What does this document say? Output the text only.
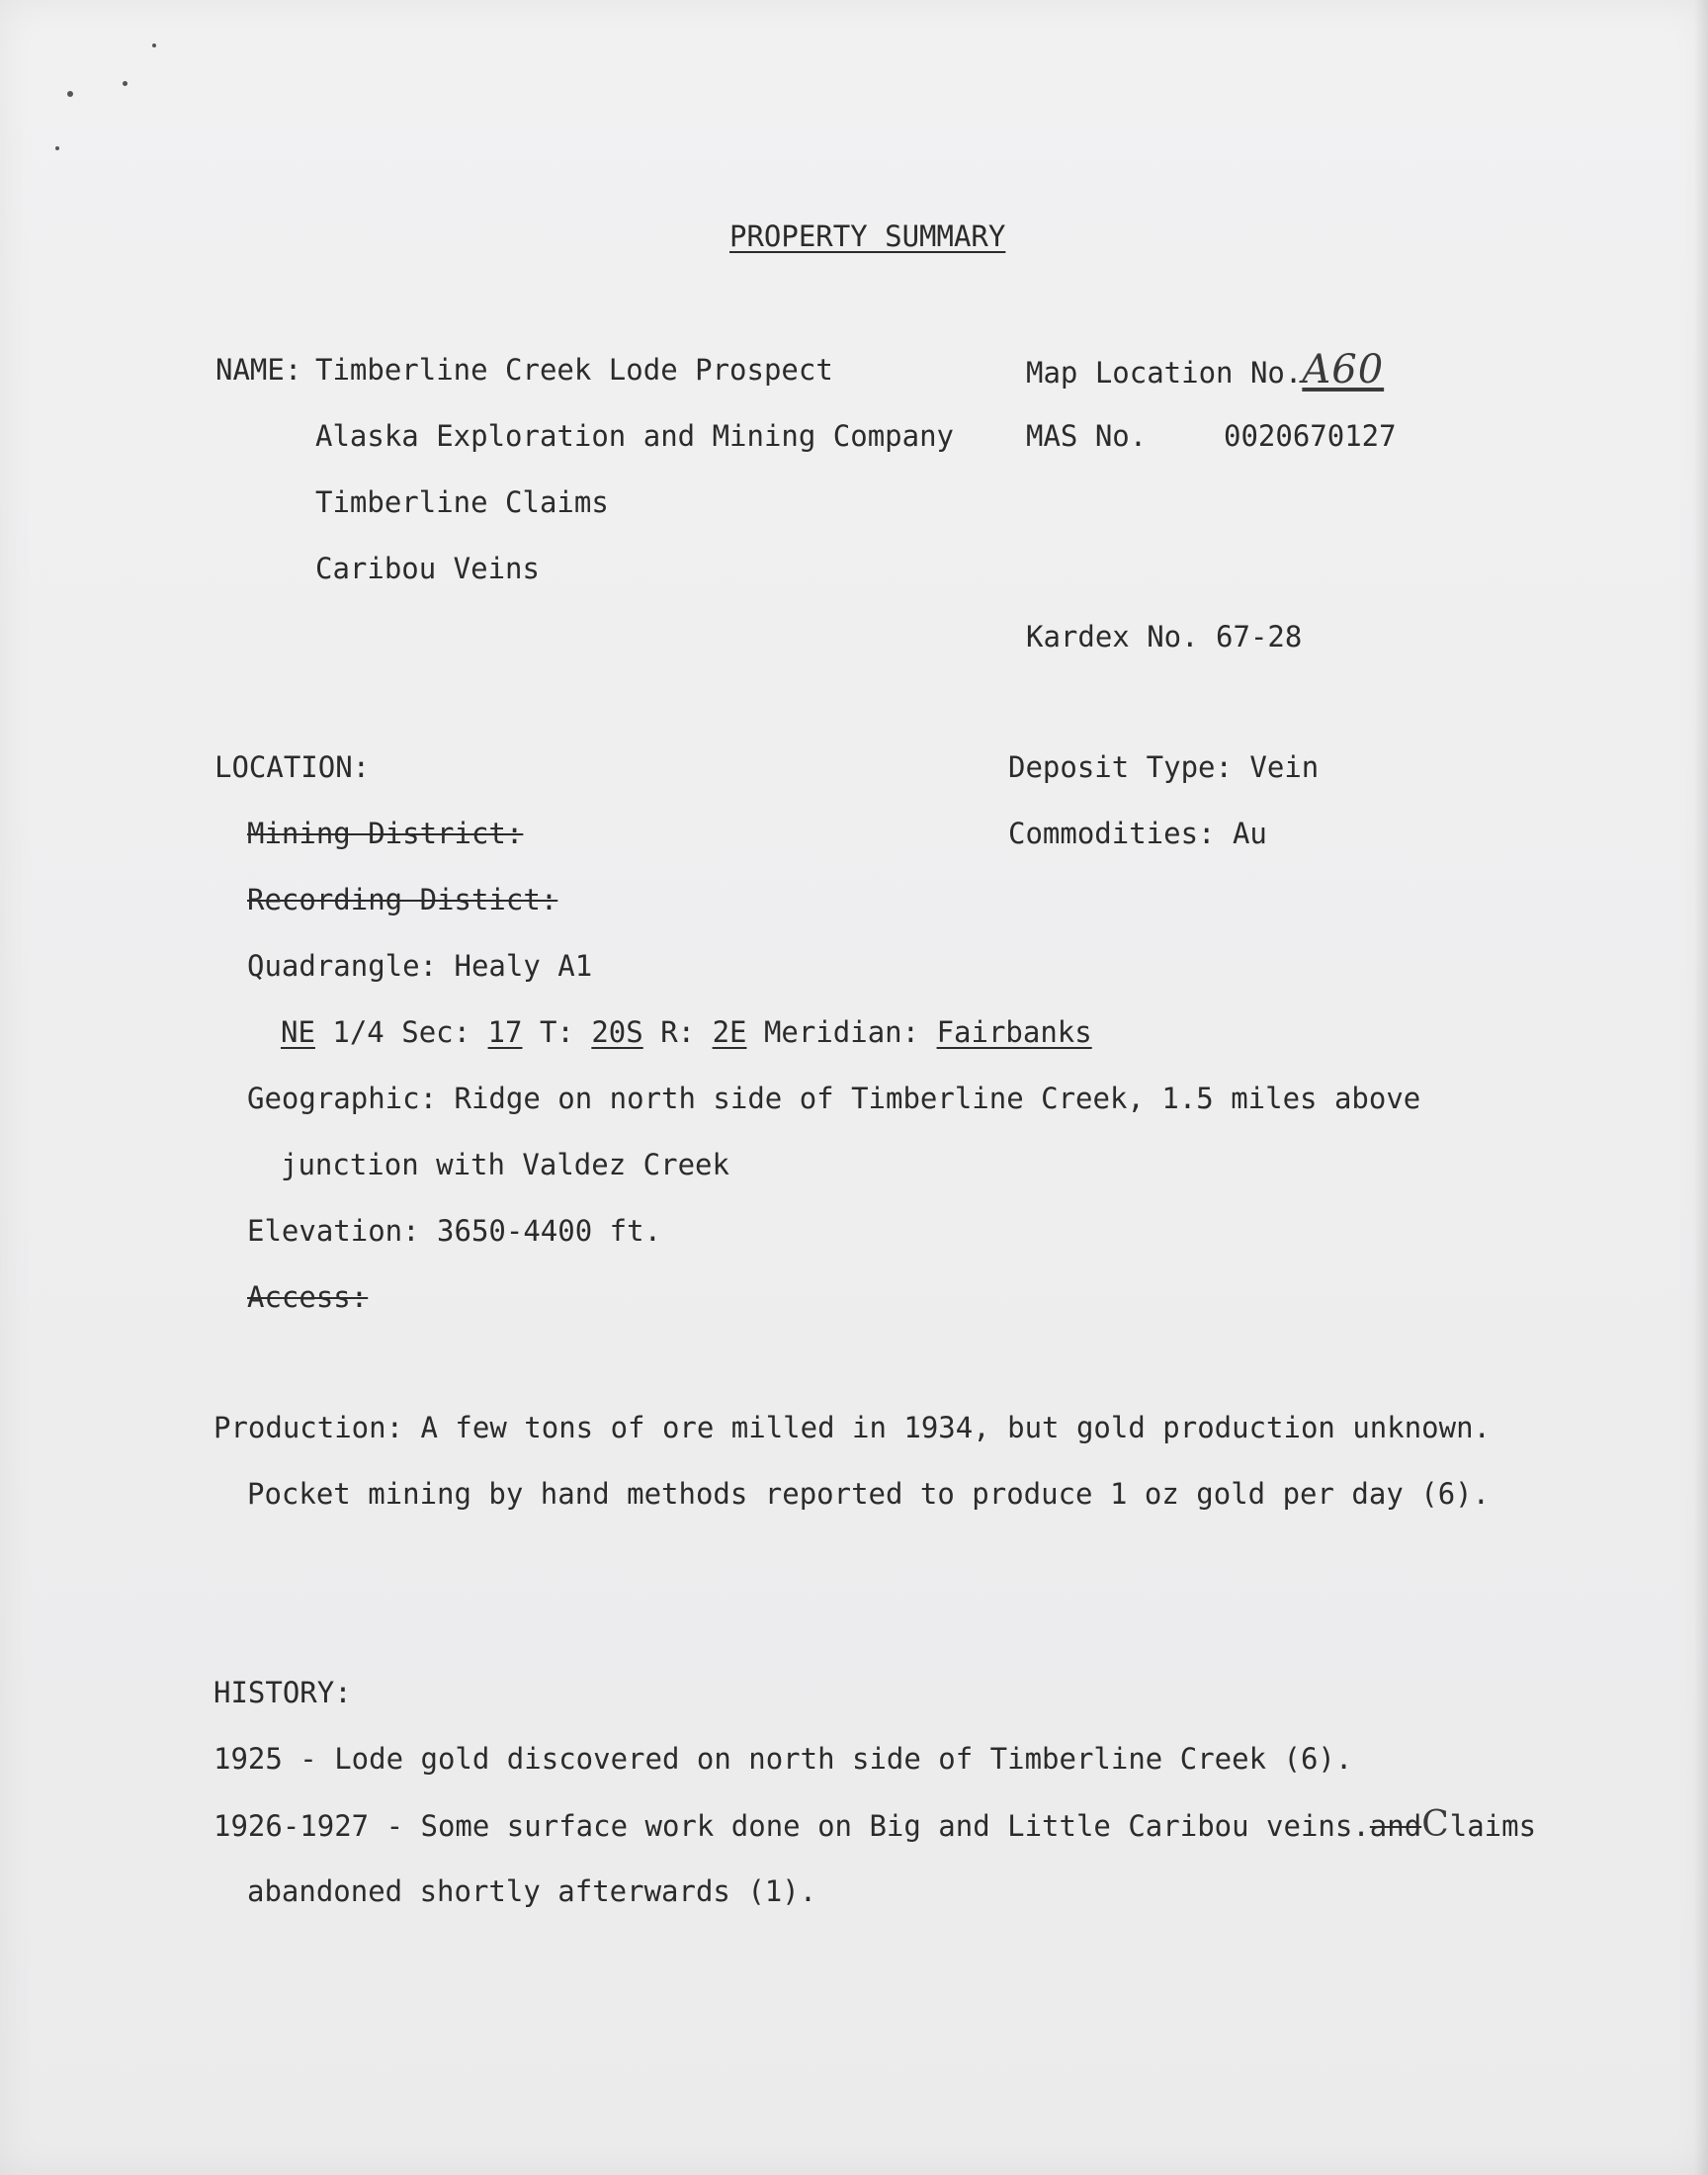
PROPERTY SUMMARY
NAME: Timberline Creek Lode Prospect
Alaska Exploration and Mining Company
Timberline Claims
Caribou Veins
Map Location No.A60
MAS No.	0020670127
Kardex No. 67-28
LOCATION:
Mining District:
Recording Distict:
Quadrangle: Healy A1
NE 1/4 Sec: 17 T: 20S R: 2E Meridian: Fairbanks
Geographic: Ridge on north side of Timberline Creek, 1.5 miles above
junction with Valdez Creek
Elevation: 3650-4400 ft.
Access:
Deposit Type: Vein
Commodities: Au
Production: A few tons of ore milled in 1934, but gold production unknown.
Pocket mining by hand methods reported to produce 1 oz gold per day (6).
HISTORY:
1925 - Lode gold discovered on north side of Timberline Creek (6).
1926-1927 - Some surface work done on Big and Little Caribou veins.andClaims
abandoned shortly afterwards (1).
